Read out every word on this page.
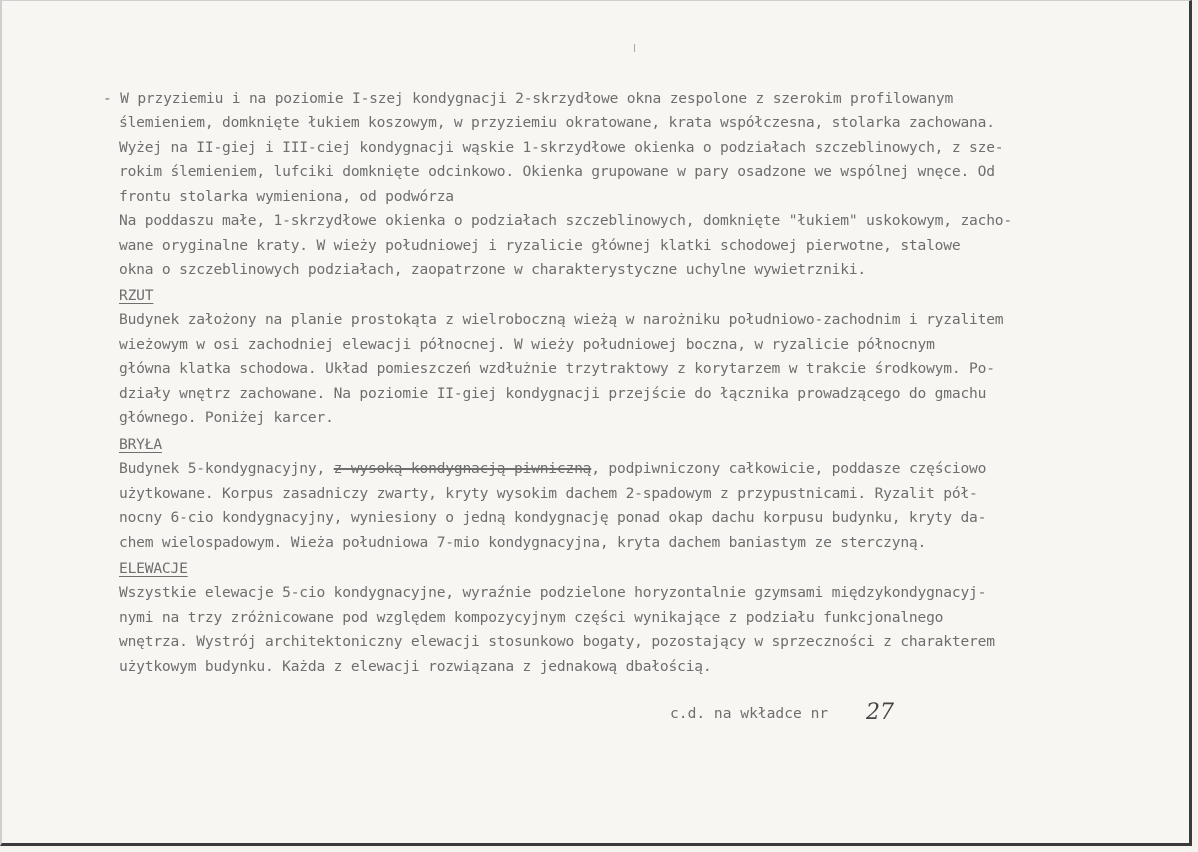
- W przyziemiu i na poziomie I-szej kondygnacji 2-skrzydłowe okna zespolone z szerokim profilowanym
ślemieniem, domknięte łukiem koszowym, w przyziemiu okratowane, krata współczesna, stolarka zachowana.
Wyżej na II-giej i III-ciej kondygnacji wąskie 1-skrzydłowe okienka o podziałach szczeblinowych, z sze-
rokim ślemieniem, lufciki domknięte odcinkowo. Okienka grupowane w pary osadzone we wspólnej wnęce. Od
frontu stolarka wymieniona, od podwórza
Na poddaszu małe, 1-skrzydłowe okienka o podziałach szczeblinowych, domknięte "łukiem" uskokowym, zacho-
wane oryginalne kraty. W wieży południowej i ryzalicie głównej klatki schodowej pierwotne, stalowe
okna o szczeblinowych podziałach, zaopatrzone w charakterystyczne uchylne wywietrzniki.
RZUT
Budynek założony na planie prostokąta z wielroboczną wieżą w narożniku południowo-zachodnim i ryzalitem
wieżowym w osi zachodniej elewacji północnej. W wieży południowej boczna, w ryzalicie północnym
główna klatka schodowa. Układ pomieszczeń wzdłużnie trzytraktowy z korytarzem w trakcie środkowym. Po-
działy wnętrz zachowane. Na poziomie II-giej kondygnacji przejście do łącznika prowadzącego do gmachu
głównego. Poniżej karcer.
BRYŁA
Budynek 5-kondygnacyjny, z wysoką kondygnacją piwniczną, podpiwniczony całkowicie, poddasze częściowo
użytkowane. Korpus zasadniczy zwarty, kryty wysokim dachem 2-spadowym z przypustnicami. Ryzalit pół-
nocny 6-cio kondygnacyjny, wyniesiony o jedną kondygnację ponad okap dachu korpusu budynku, kryty da-
chem wielospadowym. Wieża południowa 7-mio kondygnacyjna, kryta dachem baniastym ze sterczyną.
ELEWACJE
Wszystkie elewacje 5-cio kondygnacyjne, wyraźnie podzielone horyzontalnie gzymsami międzykondygnacyj-
nymi na trzy zróżnicowane pod względem kompozycyjnym części wynikające z podziału funkcjonalnego
wnętrza. Wystrój architektoniczny elewacji stosunkowo bogaty, pozostający w sprzeczności z charakterem
użytkowym budynku. Każda z elewacji rozwiązana z jednakową dbałością.
c.d. na wkładce nr 27
